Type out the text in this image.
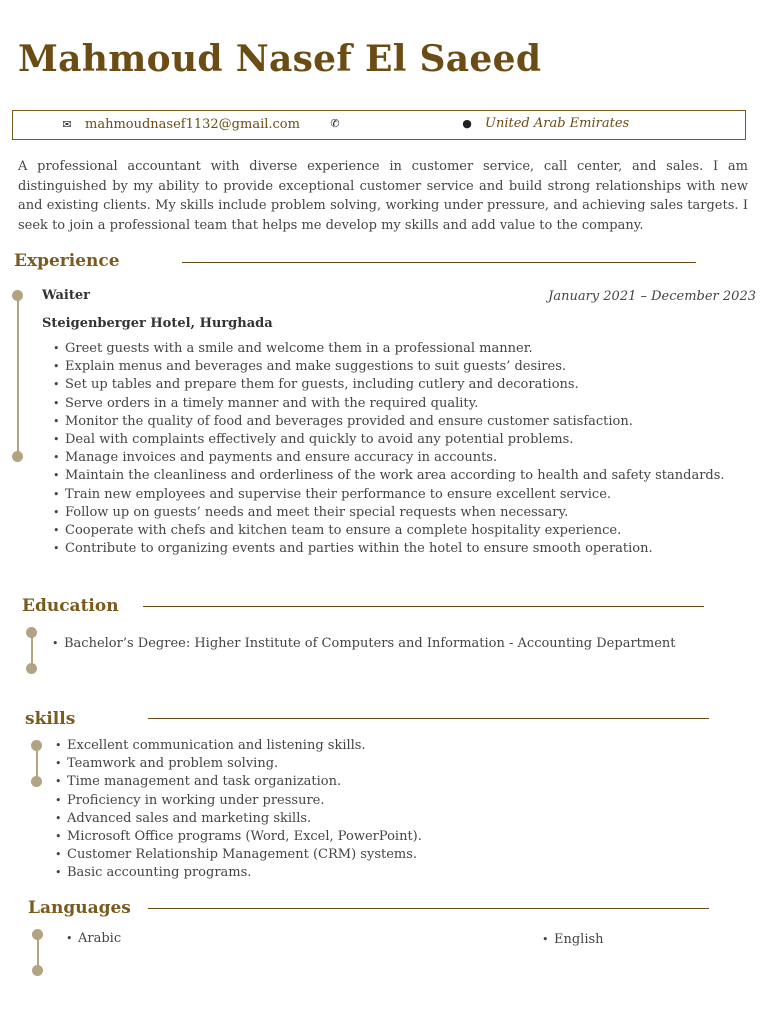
Mahmoud Nasef El Saeed
✉ mahmoudnasef1132@gmail.com	✆	● United Arab Emirates
A professional accountant with diverse experience in customer service, call center, and sales. I am distinguished by my ability to provide exceptional customer service and build strong relationships with new and existing clients. My skills include problem solving, working under pressure, and achieving sales targets. I seek to join a professional team that helps me develop my skills and add value to the company.
Experience
Waiter	January 2021 – December 2023
Steigenberger Hotel, Hurghada
• Greet guests with a smile and welcome them in a professional manner.
• Explain menus and beverages and make suggestions to suit guests’ desires.
• Set up tables and prepare them for guests, including cutlery and decorations.
• Serve orders in a timely manner and with the required quality.
• Monitor the quality of food and beverages provided and ensure customer satisfaction.
• Deal with complaints effectively and quickly to avoid any potential problems.
• Manage invoices and payments and ensure accuracy in accounts.
• Maintain the cleanliness and orderliness of the work area according to health and safety standards.
• Train new employees and supervise their performance to ensure excellent service.
• Follow up on guests’ needs and meet their special requests when necessary.
• Cooperate with chefs and kitchen team to ensure a complete hospitality experience.
• Contribute to organizing events and parties within the hotel to ensure smooth operation.
Education
• Bachelor’s Degree: Higher Institute of Computers and Information - Accounting Department
skills
• Excellent communication and listening skills.
• Teamwork and problem solving.
• Time management and task organization.
• Proficiency in working under pressure.
• Advanced sales and marketing skills.
• Microsoft Office programs (Word, Excel, PowerPoint).
• Customer Relationship Management (CRM) systems.
• Basic accounting programs.
Languages
• Arabic
•	English
